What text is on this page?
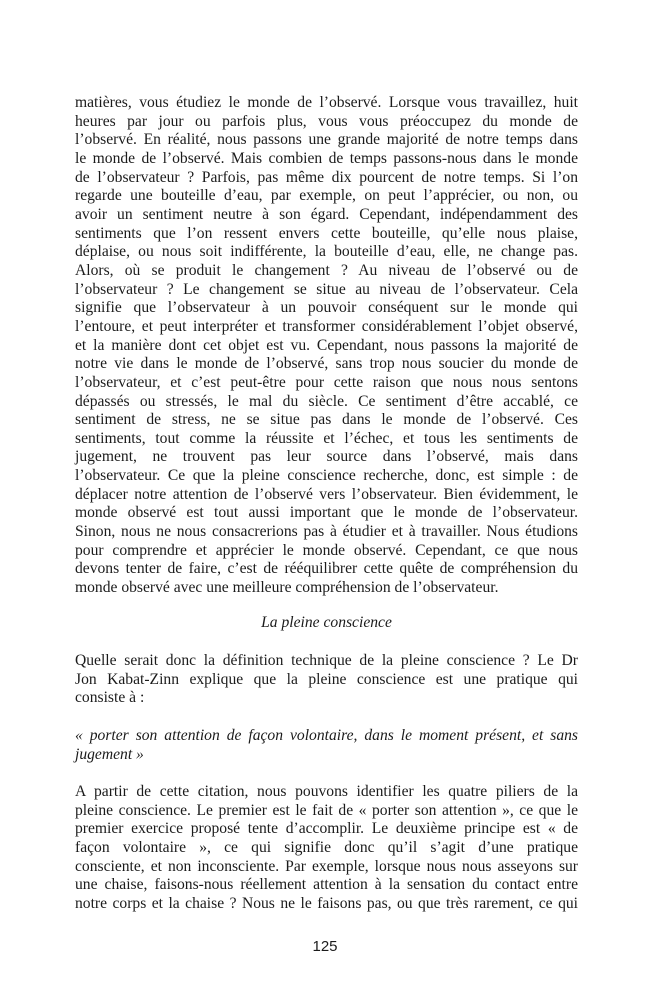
matières, vous étudiez le monde de l’observé. Lorsque vous travaillez, huit
heures par jour ou parfois plus, vous vous préoccupez du monde de
l’observé. En réalité, nous passons une grande majorité de notre temps dans
le monde de l’observé. Mais combien de temps passons-nous dans le monde
de l’observateur ? Parfois, pas même dix pourcent de notre temps. Si l’on
regarde une bouteille d’eau, par exemple, on peut l’apprécier, ou non, ou
avoir un sentiment neutre à son égard. Cependant, indépendamment des
sentiments que l’on ressent envers cette bouteille, qu’elle nous plaise,
déplaise, ou nous soit indifférente, la bouteille d’eau, elle, ne change pas.
Alors, où se produit le changement ? Au niveau de l’observé ou de
l’observateur ? Le changement se situe au niveau de l’observateur. Cela
signifie que l’observateur à un pouvoir conséquent sur le monde qui
l’entoure, et peut interpréter et transformer considérablement l’objet observé,
et la manière dont cet objet est vu. Cependant, nous passons la majorité de
notre vie dans le monde de l’observé, sans trop nous soucier du monde de
l’observateur, et c’est peut-être pour cette raison que nous nous sentons
dépassés ou stressés, le mal du siècle. Ce sentiment d’être accablé, ce
sentiment de stress, ne se situe pas dans le monde de l’observé. Ces
sentiments, tout comme la réussite et l’échec, et tous les sentiments de
jugement, ne trouvent pas leur source dans l’observé, mais dans
l’observateur. Ce que la pleine conscience recherche, donc, est simple : de
déplacer notre attention de l’observé vers l’observateur. Bien évidemment, le
monde observé est tout aussi important que le monde de l’observateur.
Sinon, nous ne nous consacrerions pas à étudier et à travailler. Nous étudions
pour comprendre et apprécier le monde observé. Cependant, ce que nous
devons tenter de faire, c’est de rééquilibrer cette quête de compréhension du
monde observé avec une meilleure compréhension de l’observateur.
La pleine conscience
Quelle serait donc la définition technique de la pleine conscience ? Le Dr
Jon Kabat-Zinn explique que la pleine conscience est une pratique qui
consiste à :
« porter son attention de façon volontaire, dans le moment présent, et sans
jugement »
A partir de cette citation, nous pouvons identifier les quatre piliers de la
pleine conscience. Le premier est le fait de « porter son attention », ce que le
premier exercice proposé tente d’accomplir. Le deuxième principe est « de
façon volontaire », ce qui signifie donc qu’il s’agit d’une pratique
consciente, et non inconsciente. Par exemple, lorsque nous nous asseyons sur
une chaise, faisons-nous réellement attention à la sensation du contact entre
notre corps et la chaise ? Nous ne le faisons pas, ou que très rarement, ce qui
125
